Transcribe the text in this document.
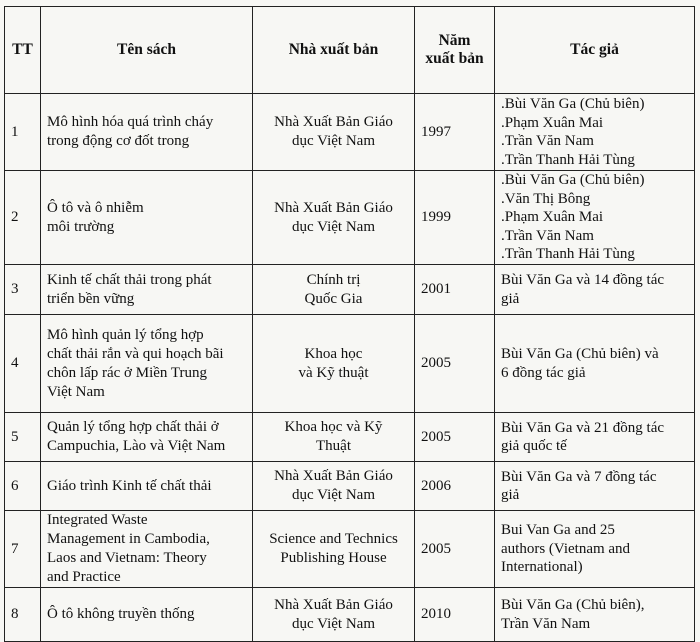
TT	Tên sách	Nhà xuất bản	Năm
xuất bản	Tác giả
1	Mô hình hóa quá trình cháy
trong động cơ đốt trong	Nhà Xuất Bản Giáo
dục Việt Nam	1997	.Bùi Văn Ga (Chủ biên)
.Phạm Xuân Mai
.Trần Văn Nam
.Trần Thanh Hải Tùng

2	Ô tô và ô nhiễm
môi trường	Nhà Xuất Bản Giáo
dục Việt Nam	1999	.Bùi Văn Ga (Chủ biên)
.Văn Thị Bông
.Phạm Xuân Mai
.Trần Văn Nam
.Trần Thanh Hải Tùng

3	Kinh tế chất thải trong phát
triển bền vững	Chính trị
Quốc Gia	2001	Bùi Văn Ga và 14 đồng tác
giả

4	Mô hình quản lý tổng hợp
chất thải rắn và qui hoạch bãi
chôn lấp rác ở Miền Trung
Việt Nam	Khoa học
và Kỹ thuật	2005	Bùi Văn Ga (Chủ biên) và
6 đồng tác giả

5	Quản lý tổng hợp chất thải ở
Campuchia, Lào và Việt Nam	Khoa học và Kỹ
Thuật	2005	Bùi Văn Ga và 21 đồng tác
giả quốc tế

6	Giáo trình Kinh tế chất thải	Nhà Xuất Bản Giáo
dục Việt Nam	2006	Bùi Văn Ga và 7 đồng tác
giả

7	Integrated Waste
Management in Cambodia,
Laos and Vietnam: Theory
and Practice	Science and Technics
Publishing House	2005	Bui Van Ga and 25
authors (Vietnam and
International)

8	Ô tô không truyền thống	Nhà Xuất Bản Giáo
dục Việt Nam	2010	Bùi Văn Ga (Chủ biên),
Trần Văn Nam
